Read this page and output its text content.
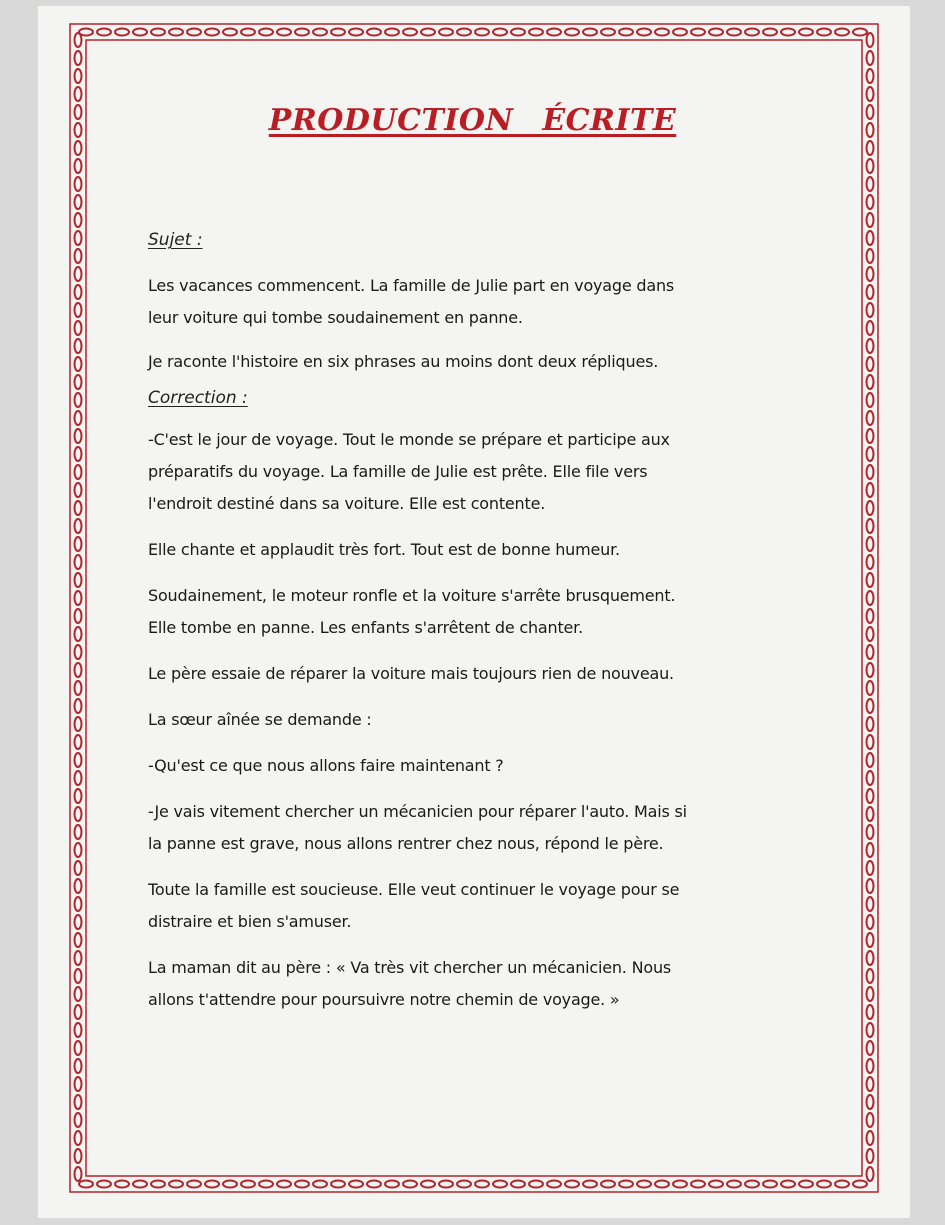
PRODUCTION ÉCRITE

Sujet :

Les vacances commencent. La famille de Julie part en voyage dans

leur voiture qui tombe soudainement en panne.

Je raconte l'histoire en six phrases au moins dont deux répliques.

Correction :

-C'est le jour de voyage. Tout le monde se prépare et participe aux

préparatifs du voyage. La famille de Julie est prête. Elle file vers

l'endroit destiné dans sa voiture. Elle est contente.

Elle chante et applaudit très fort. Tout est de bonne humeur.

Soudainement, le moteur ronfle et la voiture s'arrête brusquement.

Elle tombe en panne. Les enfants s'arrêtent de chanter.

Le père essaie de réparer la voiture mais toujours rien de nouveau.

La sœur aînée se demande :

-Qu'est ce que nous allons faire maintenant ?

-Je vais vitement chercher un mécanicien pour réparer l'auto. Mais si

la panne est grave, nous allons rentrer chez nous, répond le père.

Toute la famille est soucieuse. Elle veut continuer le voyage pour se

distraire et bien s'amuser.

La maman dit au père : « Va très vit chercher un mécanicien. Nous

allons t'attendre pour poursuivre notre chemin de voyage. »
